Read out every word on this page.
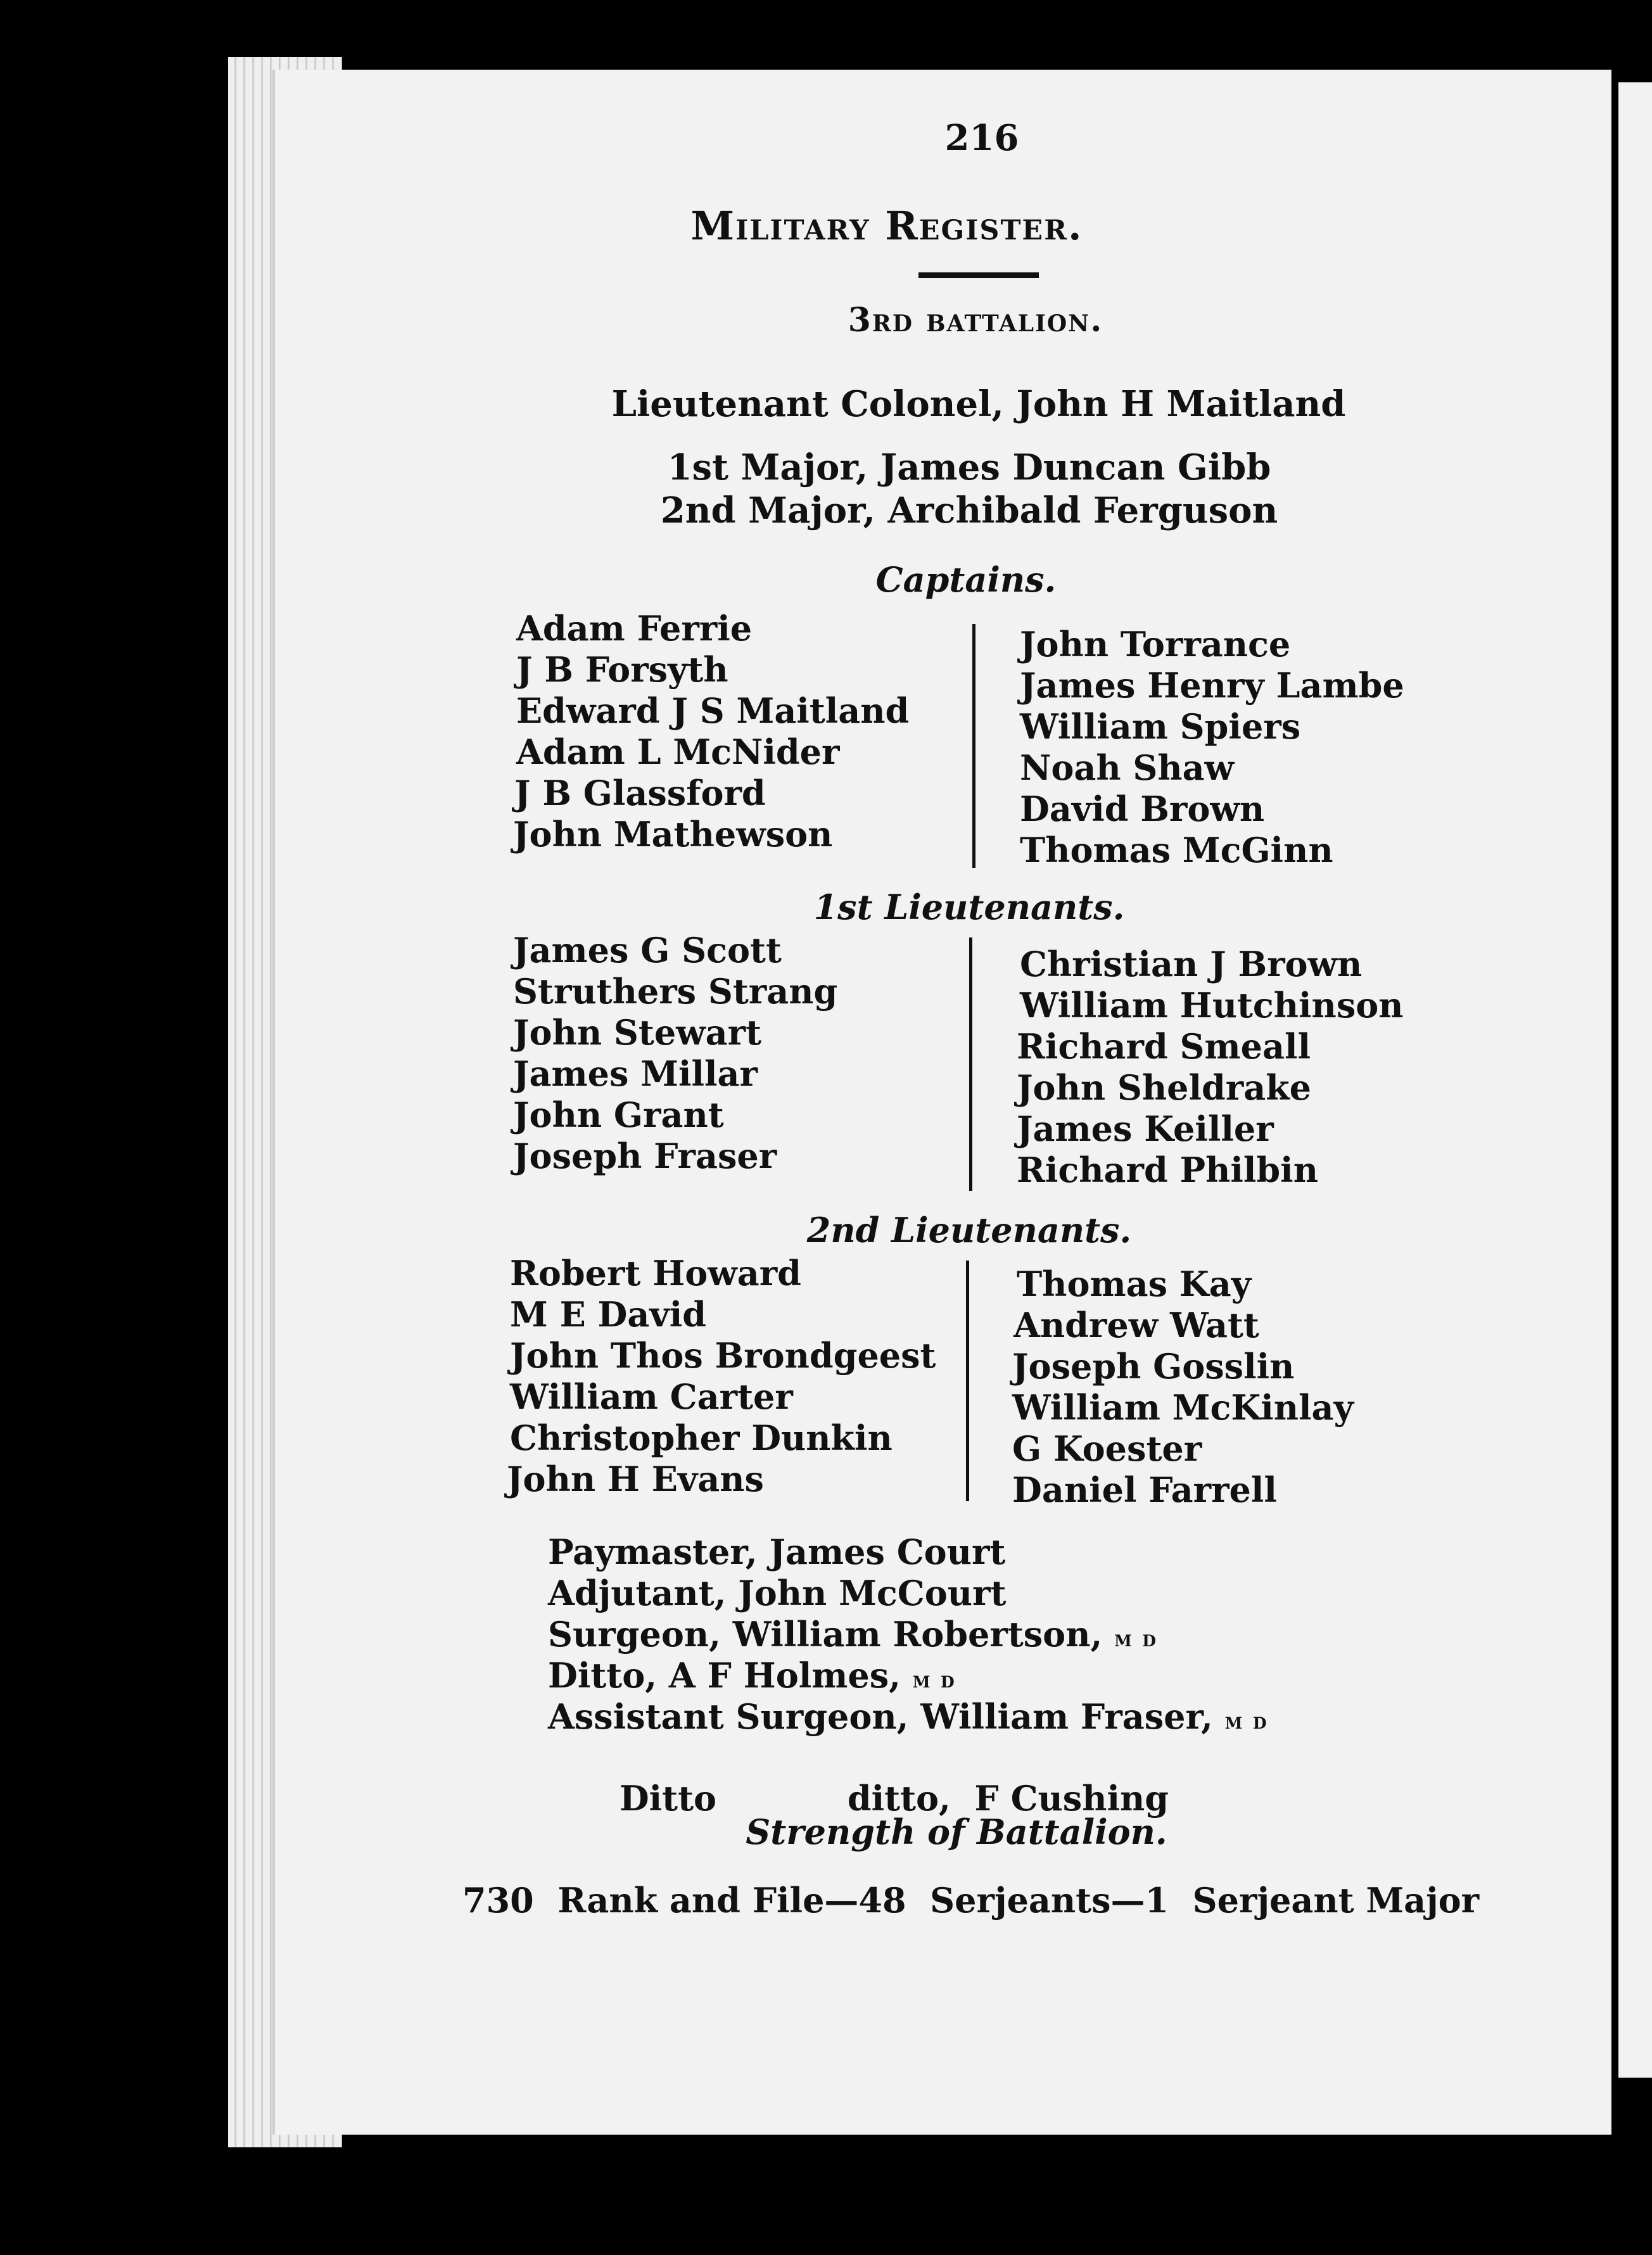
216
Military Register.
3rd battalion.
Lieutenant Colonel, John H Maitland
1st Major, James Duncan Gibb
2nd Major, Archibald Ferguson
Captains.
Adam Ferrie
J B Forsyth
Edward J S Maitland
Adam L McNider
J B Glassford
John Mathewson
John Torrance
James Henry Lambe
William Spiers
Noah Shaw
David Brown
Thomas McGinn
1st Lieutenants.
James G Scott
Struthers Strang
John Stewart
James Millar
John Grant
Joseph Fraser
Christian J Brown
William Hutchinson
Richard Smeall
John Sheldrake
James Keiller
Richard Philbin
2nd Lieutenants.
Robert Howard
M E David
John Thos Brondgeest
William Carter
Christopher Dunkin
John H Evans
Thomas Kay
Andrew Watt
Joseph Gosslin
William McKinlay
G Koester
Daniel Farrell
Paymaster, James Court
Adjutant, John McCourt
Surgeon, William Robertson, m d
Ditto, A F Holmes, m d
Assistant Surgeon, William Fraser, m d

Ditto           ditto,  F Cushing

Strength of Battalion.
730  Rank and File—48  Serjeants—1  Serjeant Major
